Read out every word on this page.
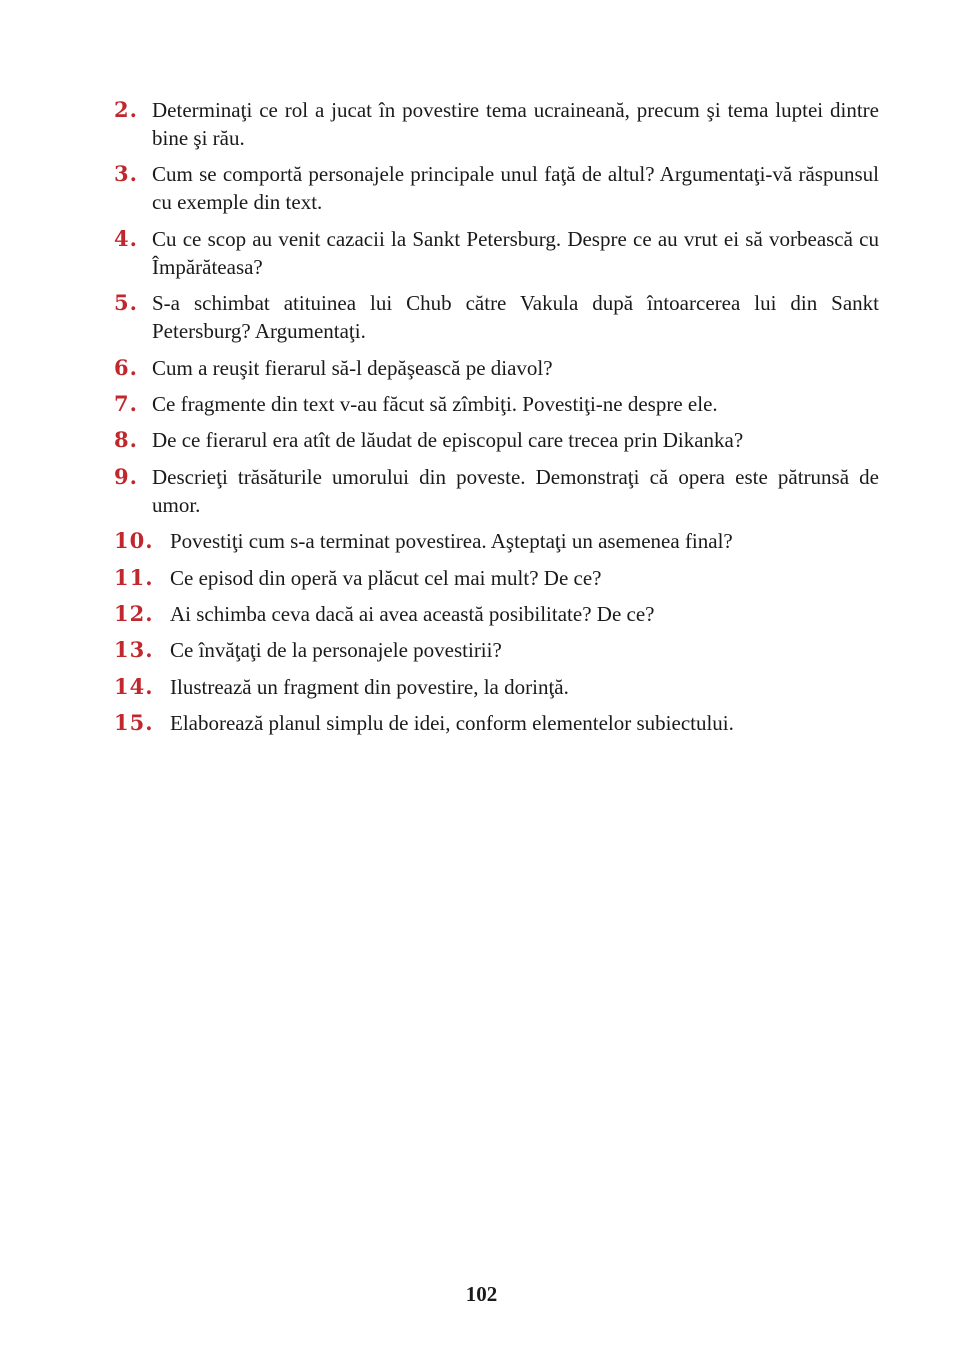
2. Determinaţi ce rol a jucat în povestire tema ucraineană, precum şi tema luptei dintre bine şi rău.
3. Cum se comportă personajele principale unul faţă de altul? Argumentaţi-vă răspunsul cu exemple din text.
4. Cu ce scop au venit cazacii la Sankt Petersburg. Despre ce au vrut ei să vorbească cu Împărăteasa?
5. S-a schimbat atituinea lui Chub către Vakula după întoarcerea lui din Sankt Petersburg? Argumentaţi.
6. Cum a reuşit fierarul să-l depăşească pe diavol?
7. Ce fragmente din text v-au făcut să zîmbiţi. Povestiţi-ne despre ele.
8. De ce fierarul era atît de lăudat de episcopul care trecea prin Dikanka?
9. Descrieţi trăsăturile umorului din poveste. Demonstraţi că opera este pătrunsă de umor.
10. Povestiţi cum s-a terminat povestirea. Aşteptaţi un asemenea final?
11. Ce episod din operă va plăcut cel mai mult? De ce?
12. Ai schimba ceva dacă ai avea această posibilitate? De ce?
13. Ce învăţaţi de la personajele povestirii?
14. Ilustrează un fragment din povestire, la dorinţă.
15. Elaborează planul simplu de idei, conform elementelor subiectului.
102
